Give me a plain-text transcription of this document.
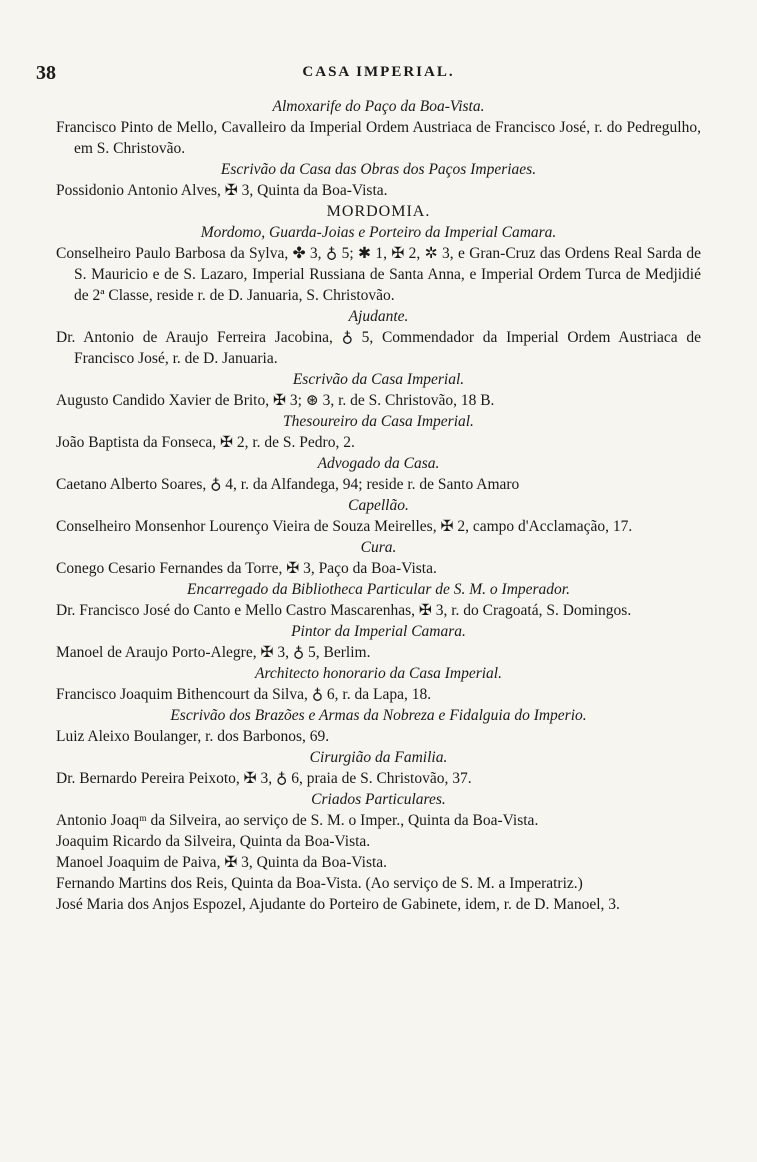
38	CASA IMPERIAL.

Almoxarife do Paço da Boa-Vista.

Francisco Pinto de Mello, Cavalleiro da Imperial Ordem Austriaca de Francisco José, r. do Pedregulho, em S. Christovão.

Escrivão da Casa das Obras dos Paços Imperiaes.

Possidonio Antonio Alves, ✠ 3, Quinta da Boa-Vista.

MORDOMIA.

Mordomo, Guarda-Joias e Porteiro da Imperial Camara.

Conselheiro Paulo Barbosa da Sylva, ✤ 3, ♁ 5; ✱ 1, ✠ 2, ✲ 3, e Gran-Cruz das Ordens Real Sarda de S. Mauricio e de S. Lazaro, Imperial Russiana de Santa Anna, e Imperial Ordem Turca de Medjidié de 2ª Classe, reside r. de D. Januaria, S. Christovão.

Ajudante.

Dr. Antonio de Araujo Ferreira Jacobina, ♁ 5, Commendador da Imperial Ordem Austriaca de Francisco José, r. de D. Januaria.

Escrivão da Casa Imperial.

Augusto Candido Xavier de Brito, ✠ 3; ⊛ 3, r. de S. Christovão, 18 B.

Thesoureiro da Casa Imperial.

João Baptista da Fonseca, ✠ 2, r. de S. Pedro, 2.

Advogado da Casa.

Caetano Alberto Soares, ♁ 4, r. da Alfandega, 94; reside r. de Santo Amaro

Capellão.

Conselheiro Monsenhor Lourenço Vieira de Souza Meirelles, ✠ 2, campo d'Acclamação, 17.

Cura.

Conego Cesario Fernandes da Torre, ✠ 3, Paço da Boa-Vista.

Encarregado da Bibliotheca Particular de S. M. o Imperador.

Dr. Francisco José do Canto e Mello Castro Mascarenhas, ✠ 3, r. do Cragoatá, S. Domingos.

Pintor da Imperial Camara.

Manoel de Araujo Porto-Alegre, ✠ 3, ♁ 5, Berlim.

Architecto honorario da Casa Imperial.

Francisco Joaquim Bithencourt da Silva, ♁ 6, r. da Lapa, 18.

Escrivão dos Brazões e Armas da Nobreza e Fidalguia do Imperio.

Luiz Aleixo Boulanger, r. dos Barbonos, 69.

Cirurgião da Familia.

Dr. Bernardo Pereira Peixoto, ✠ 3, ♁ 6, praia de S. Christovão, 37.

Criados Particulares.

Antonio Joaqᵐ da Silveira, ao serviço de S. M. o Imper., Quinta da Boa-Vista.

Joaquim Ricardo da Silveira, Quinta da Boa-Vista.

Manoel Joaquim de Paiva, ✠ 3, Quinta da Boa-Vista.

Fernando Martins dos Reis, Quinta da Boa-Vista. (Ao serviço de S. M. a Imperatriz.)

José Maria dos Anjos Espozel, Ajudante do Porteiro de Gabinete, idem, r. de D. Manoel, 3.
